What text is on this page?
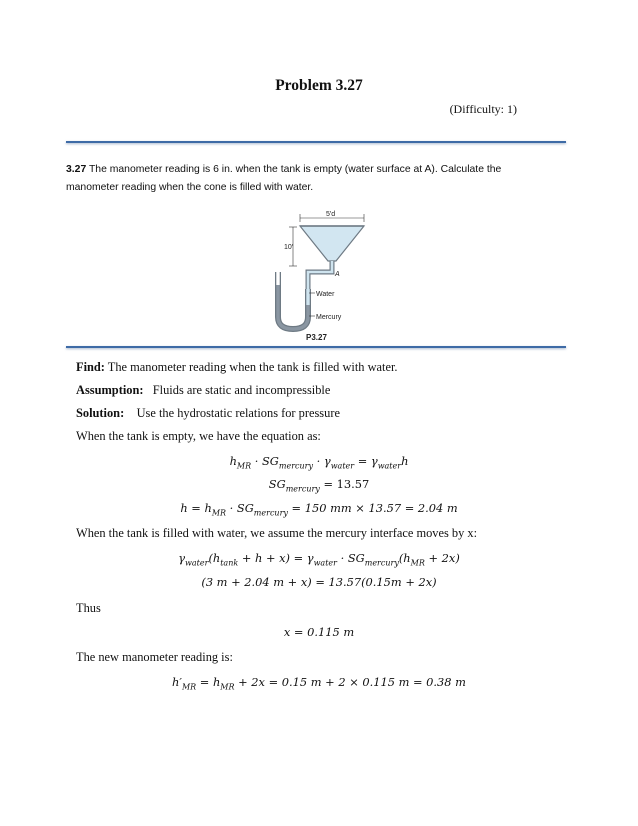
Problem 3.27
(Difficulty: 1)
3.27 The manometer reading is 6 in. when the tank is empty (water surface at A). Calculate the manometer reading when the cone is filled with water.
5′d
10′
A
Water
Mercury
P3.27
Find: The manometer reading when the tank is filled with water.
Assumption: Fluids are static and incompressible
Solution: Use the hydrostatic relations for pressure
When the tank is empty, we have the equation as:
$h_{MR} \cdot SG_{mercury} \cdot \gamma_{water} = \gamma_{water}h$
$SG_{mercury} = 13.57$
$h = h_{MR} \cdot SG_{mercury} = 150$ mm × 13.57 = 2.04 m
When the tank is filled with water, we assume the mercury interface moves by x:
$\gamma_{water}(h_{tank} + h + x) = \gamma_{water} \cdot SG_{mercury}(h_{MR} + 2x)$
(3 m + 2.04 m + x) = 13.57(0.15m + 2x)
Thus
x = 0.115 m
The new manometer reading is:
$h'_{MR} = h_{MR} + 2x = 0.15$ m + 2 × 0.115 m = 0.38 m
